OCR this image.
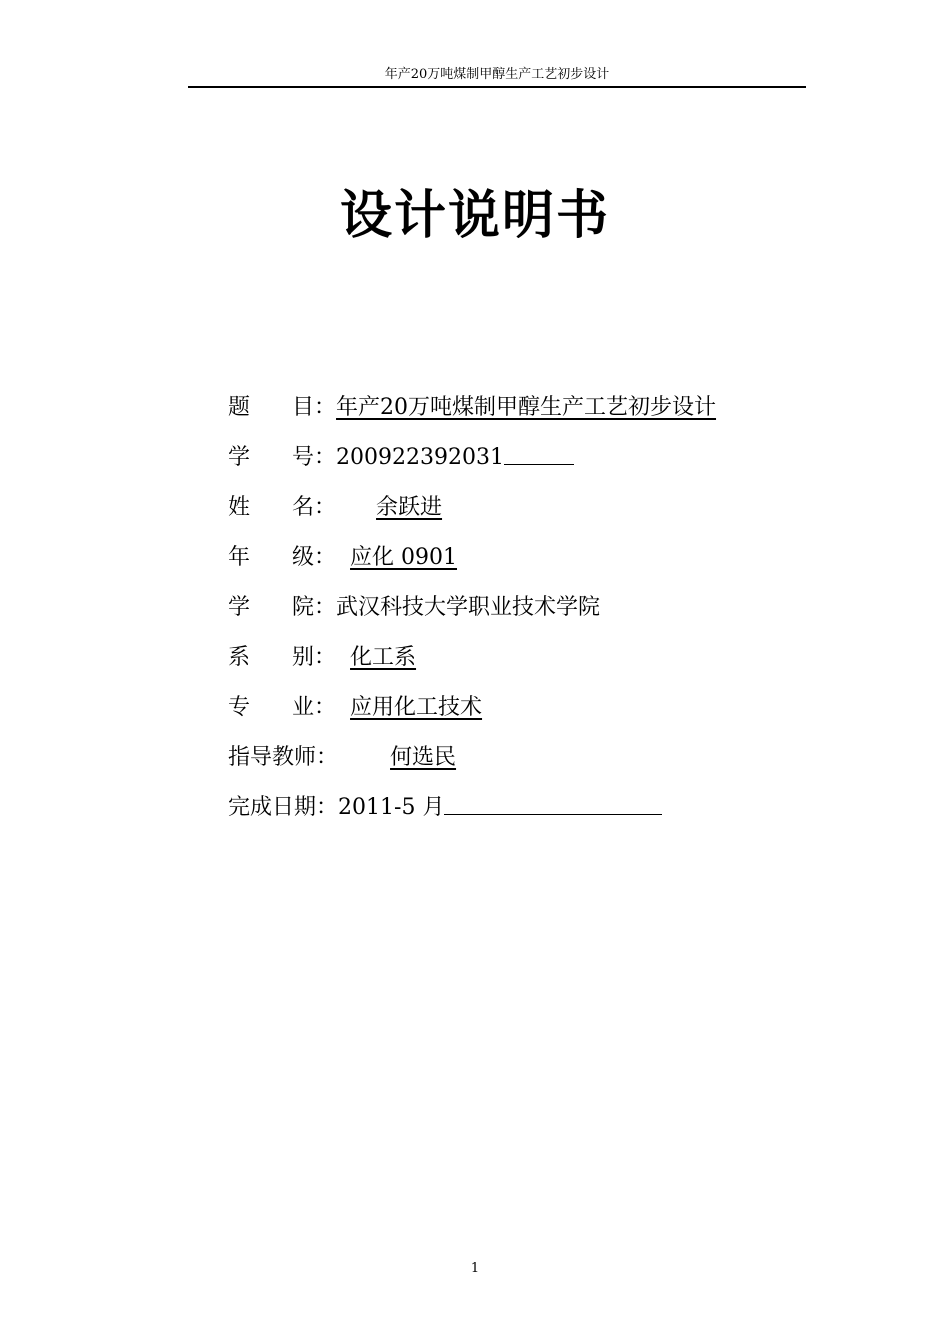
年产20万吨煤制甲醇生产工艺初步设计
设计说明书
题 目：年产20万吨煤制甲醇生产工艺初步设计
学 号：200922392031
姓 名： 余跃进
年 级： 应化 0901
学 院：武汉科技大学职业技术学院
系 别： 化工系
专 业： 应用化工技术
指导教师： 何选民
完成日期：2011-5 月
1
